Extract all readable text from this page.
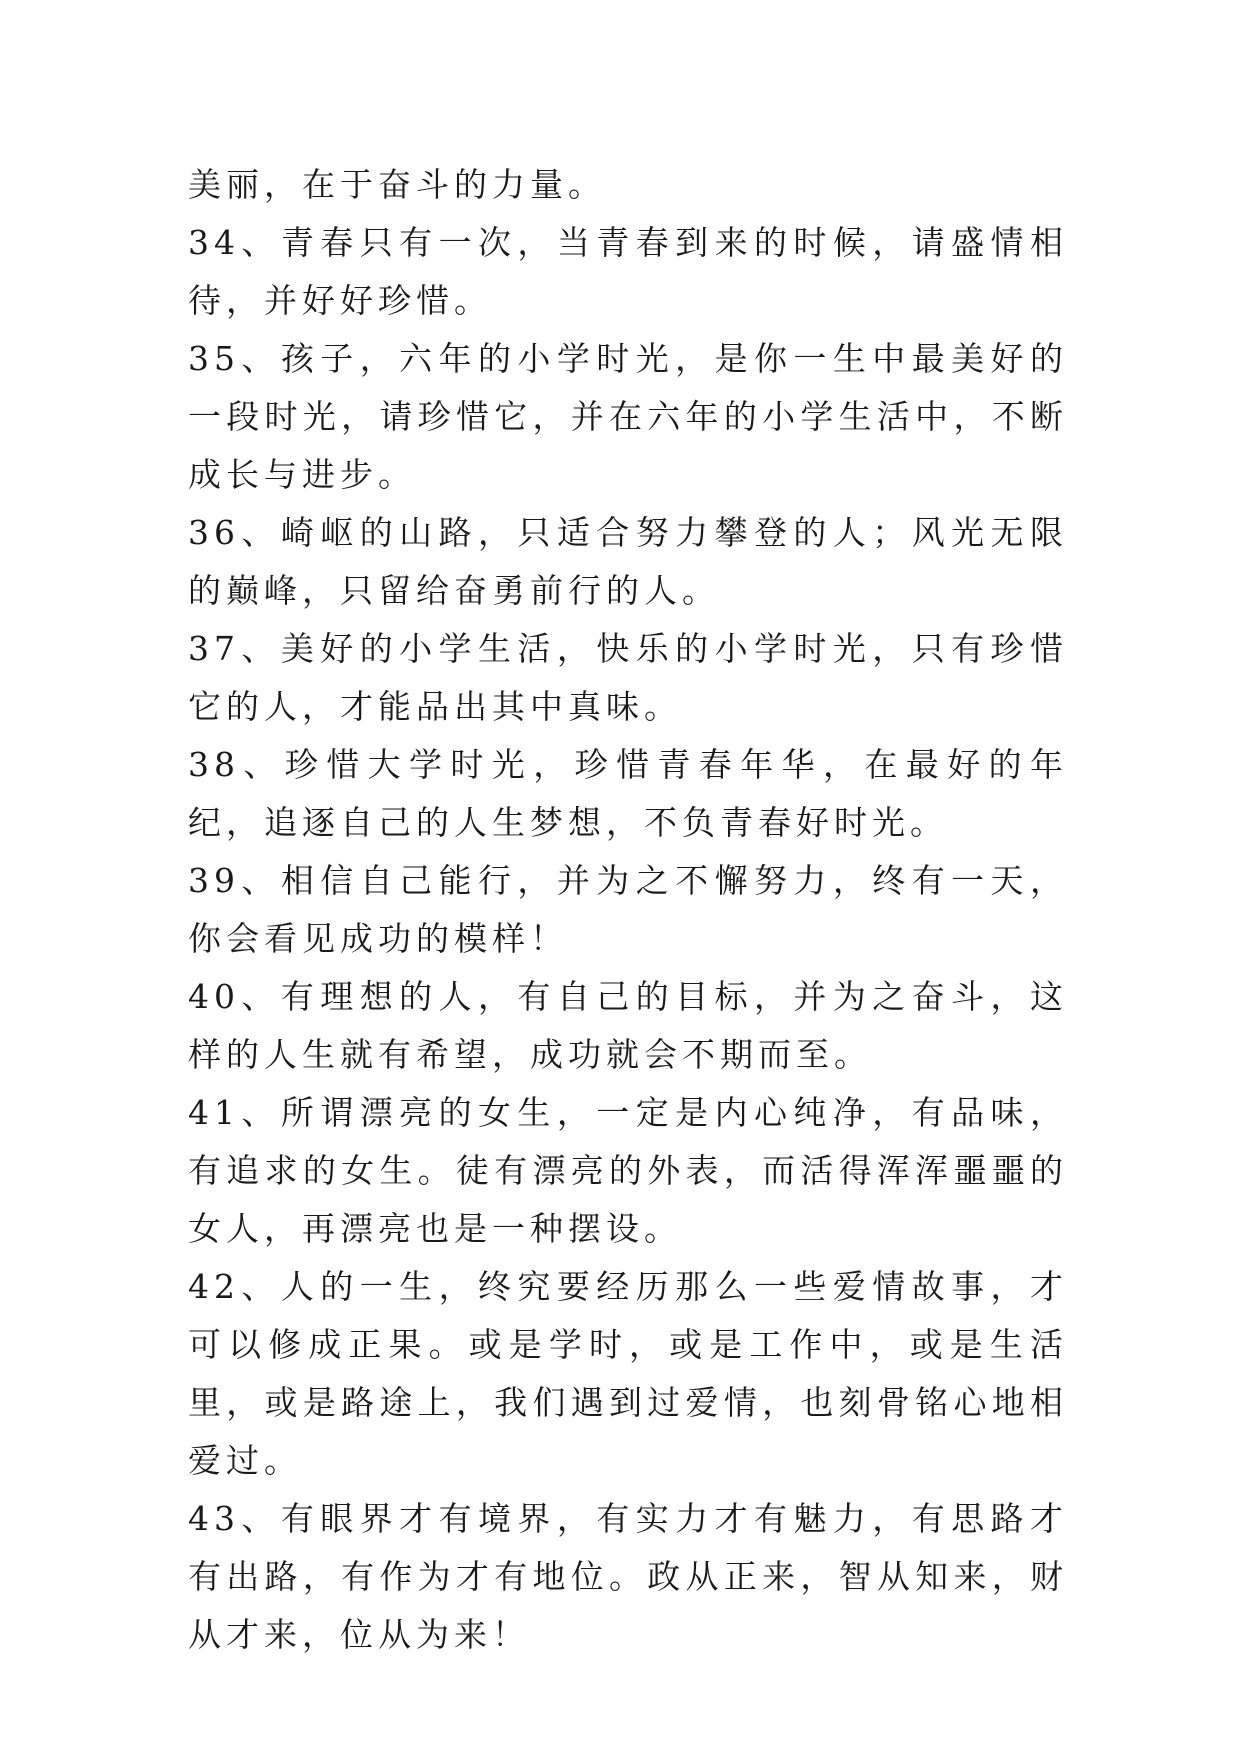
美丽，在于奋斗的力量。

34、青春只有一次，当青春到来的时候，请盛情相待，并好好珍惜。

35、孩子，六年的小学时光，是你一生中最美好的一段时光，请珍惜它，并在六年的小学生活中，不断成长与进步。

36、崎岖的山路，只适合努力攀登的人；风光无限的巅峰，只留给奋勇前行的人。

37、美好的小学生活，快乐的小学时光，只有珍惜它的人，才能品出其中真味。

38、珍惜大学时光，珍惜青春年华，在最好的年纪，追逐自己的人生梦想，不负青春好时光。

39、相信自己能行，并为之不懈努力，终有一天，你会看见成功的模样！

40、有理想的人，有自己的目标，并为之奋斗，这样的人生就有希望，成功就会不期而至。

41、所谓漂亮的女生，一定是内心纯净，有品味，有追求的女生。徒有漂亮的外表，而活得浑浑噩噩的女人，再漂亮也是一种摆设。

42、人的一生，终究要经历那么一些爱情故事，才可以修成正果。或是学时，或是工作中，或是生活里，或是路途上，我们遇到过爱情，也刻骨铭心地相爱过。

43、有眼界才有境界，有实力才有魅力，有思路才有出路，有作为才有地位。政从正来，智从知来，财从才来，位从为来！
